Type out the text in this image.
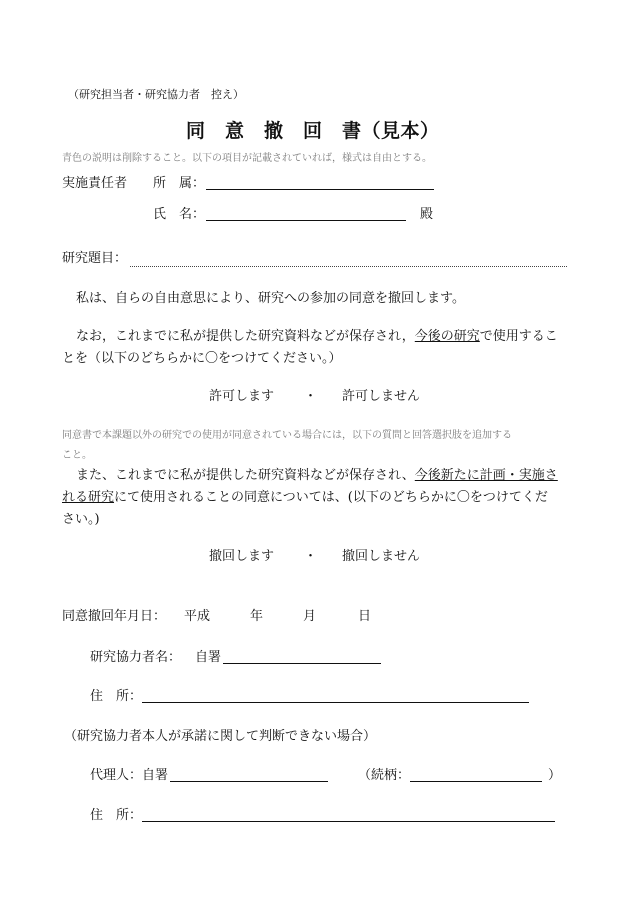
（研究担当者・研究協力者　控え）
同　意　撤　回　書（見本）
青色の説明は削除すること。以下の項目が記載されていれば，様式は自由とする。
実施責任者 所　属：
氏　名：	殿
研究題目：
私は、自らの自由意思により、研究への参加の同意を撤回します。
なお，これまでに私が提供した研究資料などが保存され，今後の研究で使用するこ
とを（以下のどちらかに〇をつけてください。）
許可します ・ 許可しません
同意書で本課題以外の研究での使用が同意されている場合には，以下の質問と回答選択肢を追加する
こと。
また、これまでに私が提供した研究資料などが保存され、今後新たに計画・実施さ
れる研究にて使用されることの同意については、(以下のどちらかに〇をつけてくだ
さい。)
撤回します ・ 撤回しません
同意撤回年月日： 平成	年	月	日
研究協力者名： 自署
住　所：
（研究協力者本人が承諾に関して判断できない場合）
代理人：自署	（続柄：	）
住　所：
